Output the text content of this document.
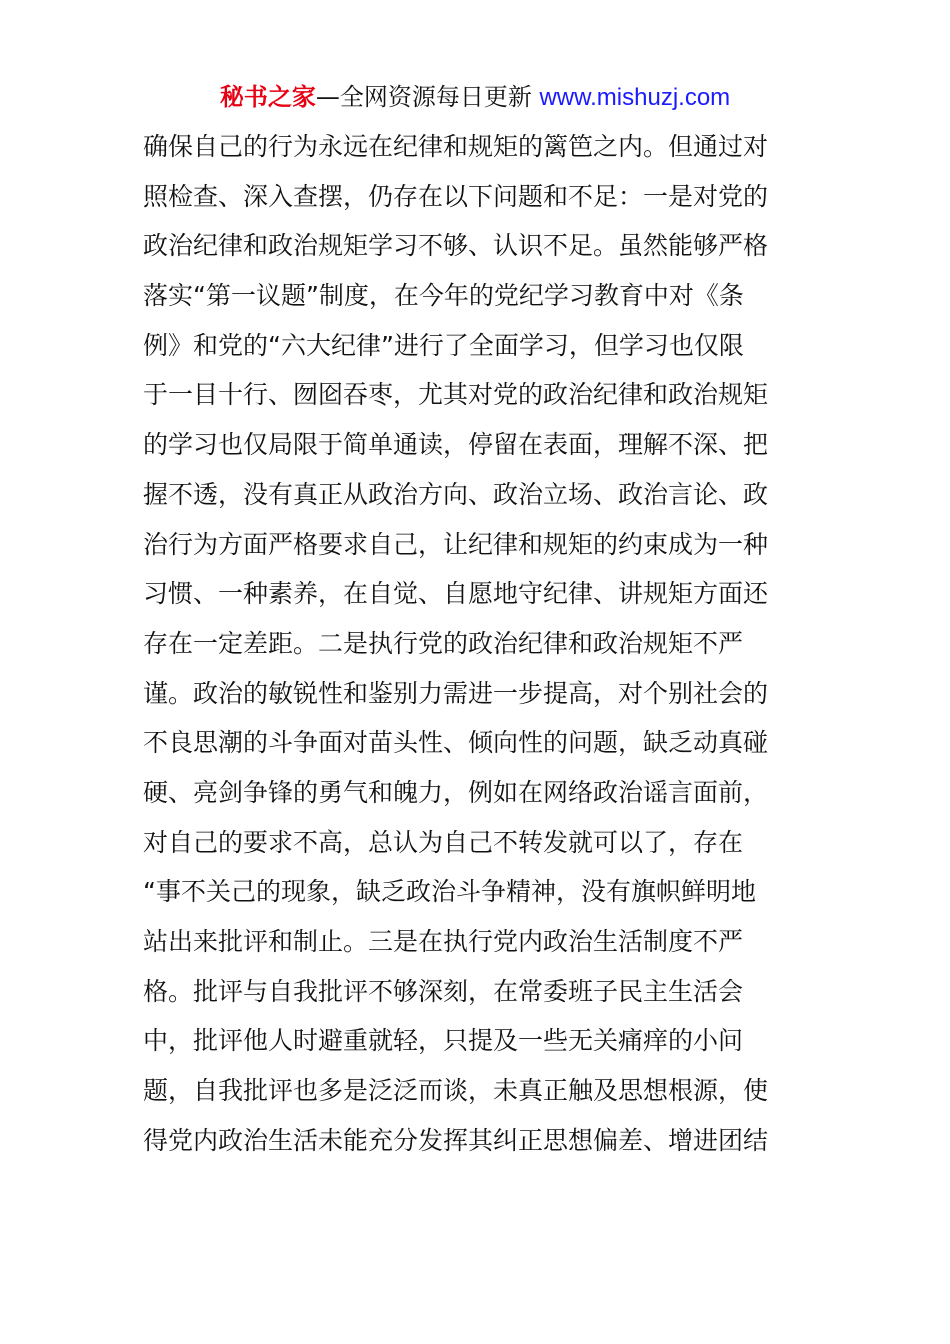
秘书之家—全网资源每日更新 www.mishuzj.com
确保自己的行为永远在纪律和规矩的篱笆之内。但通过对
照检查、深入查摆，仍存在以下问题和不足：一是对党的
政治纪律和政治规矩学习不够、认识不足。虽然能够严格
落实“第一议题”制度，在今年的党纪学习教育中对《条
例》和党的“六大纪律”进行了全面学习，但学习也仅限
于一目十行、囫囵吞枣，尤其对党的政治纪律和政治规矩
的学习也仅局限于简单通读，停留在表面，理解不深、把
握不透，没有真正从政治方向、政治立场、政治言论、政
治行为方面严格要求自己，让纪律和规矩的约束成为一种
习惯、一种素养，在自觉、自愿地守纪律、讲规矩方面还
存在一定差距。二是执行党的政治纪律和政治规矩不严
谨。政治的敏锐性和鉴别力需进一步提高，对个别社会的
不良思潮的斗争面对苗头性、倾向性的问题，缺乏动真碰
硬、亮剑争锋的勇气和魄力，例如在网络政治谣言面前，
对自己的要求不高，总认为自己不转发就可以了，存在
“事不关己的现象，缺乏政治斗争精神，没有旗帜鲜明地
站出来批评和制止。三是在执行党内政治生活制度不严
格。批评与自我批评不够深刻，在常委班子民主生活会
中，批评他人时避重就轻，只提及一些无关痛痒的小问
题，自我批评也多是泛泛而谈，未真正触及思想根源，使
得党内政治生活未能充分发挥其纠正思想偏差、增进团结
